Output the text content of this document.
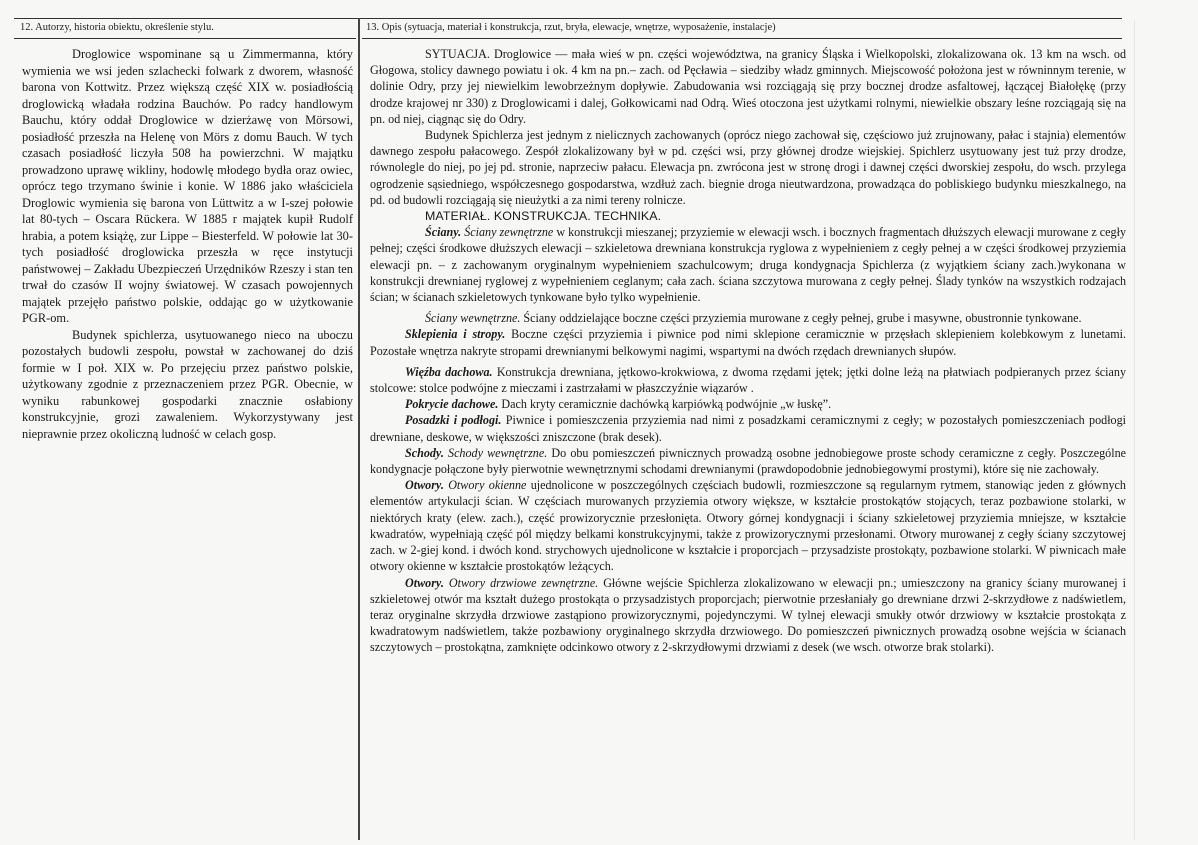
12. Autorzy, historia obiektu, określenie stylu.	13. Opis (sytuacja, materiał i konstrukcja, rzut, bryła, elewacje, wnętrze, wyposażenie, instalacje)

Droglowice wspominane są u Zimmermanna, który wymienia we wsi jeden szlachecki folwark z dworem, własność barona von Kottwitz. Przez większą część XIX w. posiadłością droglowicką władała rodzina Bauchów. Po radcy handlowym Bauchu, który oddał Droglowice w dzierżawę von Mörsowi, posiadłość przeszła na Helenę von Mörs z domu Bauch. W tych czasach posiadłość liczyła 508 ha powierzchni. W majątku prowadzono uprawę wikliny, hodowlę młodego bydła oraz owiec, oprócz tego trzymano świnie i konie. W 1886 jako właściciela Droglowic wymienia się barona von Lüttwitz a w I-szej połowie lat 80-tych – Oscara Rückera. W 1885 r majątek kupił Rudolf hrabia, a potem książę, zur Lippe – Biesterfeld. W połowie lat 30-tych posiadłość droglowicka przeszła w ręce instytucji państwowej – Zakładu Ubezpieczeń Urzędników Rzeszy i stan ten trwał do czasów II wojny światowej. W czasach powojennych majątek przejęło państwo polskie, oddając go w użytkowanie PGR-om.

Budynek spichlerza, usytuowanego nieco na uboczu pozostałych budowli zespołu, powstał w zachowanej do dziś formie w I poł. XIX w. Po przejęciu przez państwo polskie, użytkowany zgodnie z przeznaczeniem przez PGR. Obecnie, w wyniku rabunkowej gospodarki znacznie osłabiony konstrukcyjnie, grozi zawaleniem. Wykorzystywany jest nieprawnie przez okoliczną ludność w celach gosp.

SYTUACJA. Droglowice — mała wieś w pn. części województwa, na granicy Śląska i Wielkopolski, zlokalizowana ok. 13 km na wsch. od Głogowa, stolicy dawnego powiatu i ok. 4 km na pn.– zach. od Pęcławia – siedziby władz gminnych. Miejscowość położona jest w równinnym terenie, w dolinie Odry, przy jej niewielkim lewobrzeżnym dopływie. Zabudowania wsi rozciągają się przy bocznej drodze asfaltowej, łączącej Białołękę (przy drodze krajowej nr 330) z Droglowicami i dalej, Gołkowicami nad Odrą. Wieś otoczona jest użytkami rolnymi, niewielkie obszary leśne rozciągają się na pn. od niej, ciągnąc się do Odry.

Budynek Spichlerza jest jednym z nielicznych zachowanych (oprócz niego zachował się, częściowo już zrujnowany, pałac i stajnia) elementów dawnego zespołu pałacowego. Zespół zlokalizowany był w pd. części wsi, przy głównej drodze wiejskiej. Spichlerz usytuowany jest tuż przy drodze, równolegle do niej, po jej pd. stronie, naprzeciw pałacu. Elewacja pn. zwrócona jest w stronę drogi i dawnej części dworskiej zespołu, do wsch. przylega ogrodzenie sąsiedniego, współczesnego gospodarstwa, wzdłuż zach. biegnie droga nieutwardzona, prowadząca do pobliskiego budynku mieszkalnego, na pd. od budowli rozciągają się nieużytki a za nimi tereny rolnicze.

MATERIAŁ. KONSTRUKCJA. TECHNIKA.

Ściany. Ściany zewnętrzne w konstrukcji mieszanej; przyziemie w elewacji wsch. i bocznych fragmentach dłuższych elewacji murowane z cegły pełnej; części środkowe dłuższych elewacji – szkieletowa drewniana konstrukcja ryglowa z wypełnieniem z cegły pełnej a w części środkowej przyziemia elewacji pn. – z zachowanym oryginalnym wypełnieniem szachulcowym; druga kondygnacja Spichlerza (z wyjątkiem ściany zach.)wykonana w konstrukcji drewnianej ryglowej z wypełnieniem ceglanym; cała zach. ściana szczytowa murowana z cegły pełnej. Ślady tynków na wszystkich rodzajach ścian; w ścianach szkieletowych tynkowane było tylko wypełnienie.

Ściany wewnętrzne. Ściany oddzielające boczne części przyziemia murowane z cegły pełnej, grube i masywne, obustronnie tynkowane.

Sklepienia i stropy. Boczne części przyziemia i piwnice pod nimi sklepione ceramicznie w przęsłach sklepieniem kolebkowym z lunetami. Pozostałe wnętrza nakryte stropami drewnianymi belkowymi nagimi, wspartymi na dwóch rzędach drewnianych słupów.

Więźba dachowa. Konstrukcja drewniana, jętkowo-krokwiowa, z dwoma rzędami jętek; jętki dolne leżą na płatwiach podpieranych przez ściany stolcowe: stolce podwójne z mieczami i zastrzałami w płaszczyźnie wiązarów .

Pokrycie dachowe. Dach kryty ceramicznie dachówką karpiówką podwójnie „w łuskę”.

Posadzki i podłogi. Piwnice i pomieszczenia przyziemia nad nimi z posadzkami ceramicznymi z cegły; w pozostałych pomieszczeniach podłogi drewniane, deskowe, w większości zniszczone (brak desek).

Schody. Schody wewnętrzne. Do obu pomieszczeń piwnicznych prowadzą osobne jednobiegowe proste schody ceramiczne z cegły. Poszczególne kondygnacje połączone były pierwotnie wewnętrznymi schodami drewnianymi (prawdopodobnie jednobiegowymi prostymi), które się nie zachowały.

Otwory. Otwory okienne ujednolicone w poszczególnych częściach budowli, rozmieszczone są regularnym rytmem, stanowiąc jeden z głównych elementów artykulacji ścian. W częściach murowanych przyziemia otwory większe, w kształcie prostokątów stojących, teraz pozbawione stolarki, w niektórych kraty (elew. zach.), część prowizorycznie przesłonięta. Otwory górnej kondygnacji i ściany szkieletowej przyziemia mniejsze, w kształcie kwadratów, wypełniają część pól między belkami konstrukcyjnymi, także z prowizorycznymi przesłonami. Otwory murowanej z cegły ściany szczytowej zach. w 2-giej kond. i dwóch kond. strychowych ujednolicone w kształcie i proporcjach – przysadziste prostokąty, pozbawione stolarki. W piwnicach małe otwory okienne w kształcie prostokątów leżących.

Otwory. Otwory drzwiowe zewnętrzne. Główne wejście Spichlerza zlokalizowano w elewacji pn.; umieszczony na granicy ściany murowanej i szkieletowej otwór ma kształt dużego prostokąta o przysadzistych proporcjach; pierwotnie przesłaniały go drewniane drzwi 2-skrzydłowe z nadświetlem, teraz oryginalne skrzydła drzwiowe zastąpiono prowizorycznymi, pojedynczymi. W tylnej elewacji smukły otwór drzwiowy w kształcie prostokąta z kwadratowym nadświetlem, także pozbawiony oryginalnego skrzydła drzwiowego. Do pomieszczeń piwnicznych prowadzą osobne wejścia w ścianach szczytowych – prostokątna, zamknięte odcinkowo otwory z 2-skrzydłowymi drzwiami z desek (we wsch. otworze brak stolarki).
